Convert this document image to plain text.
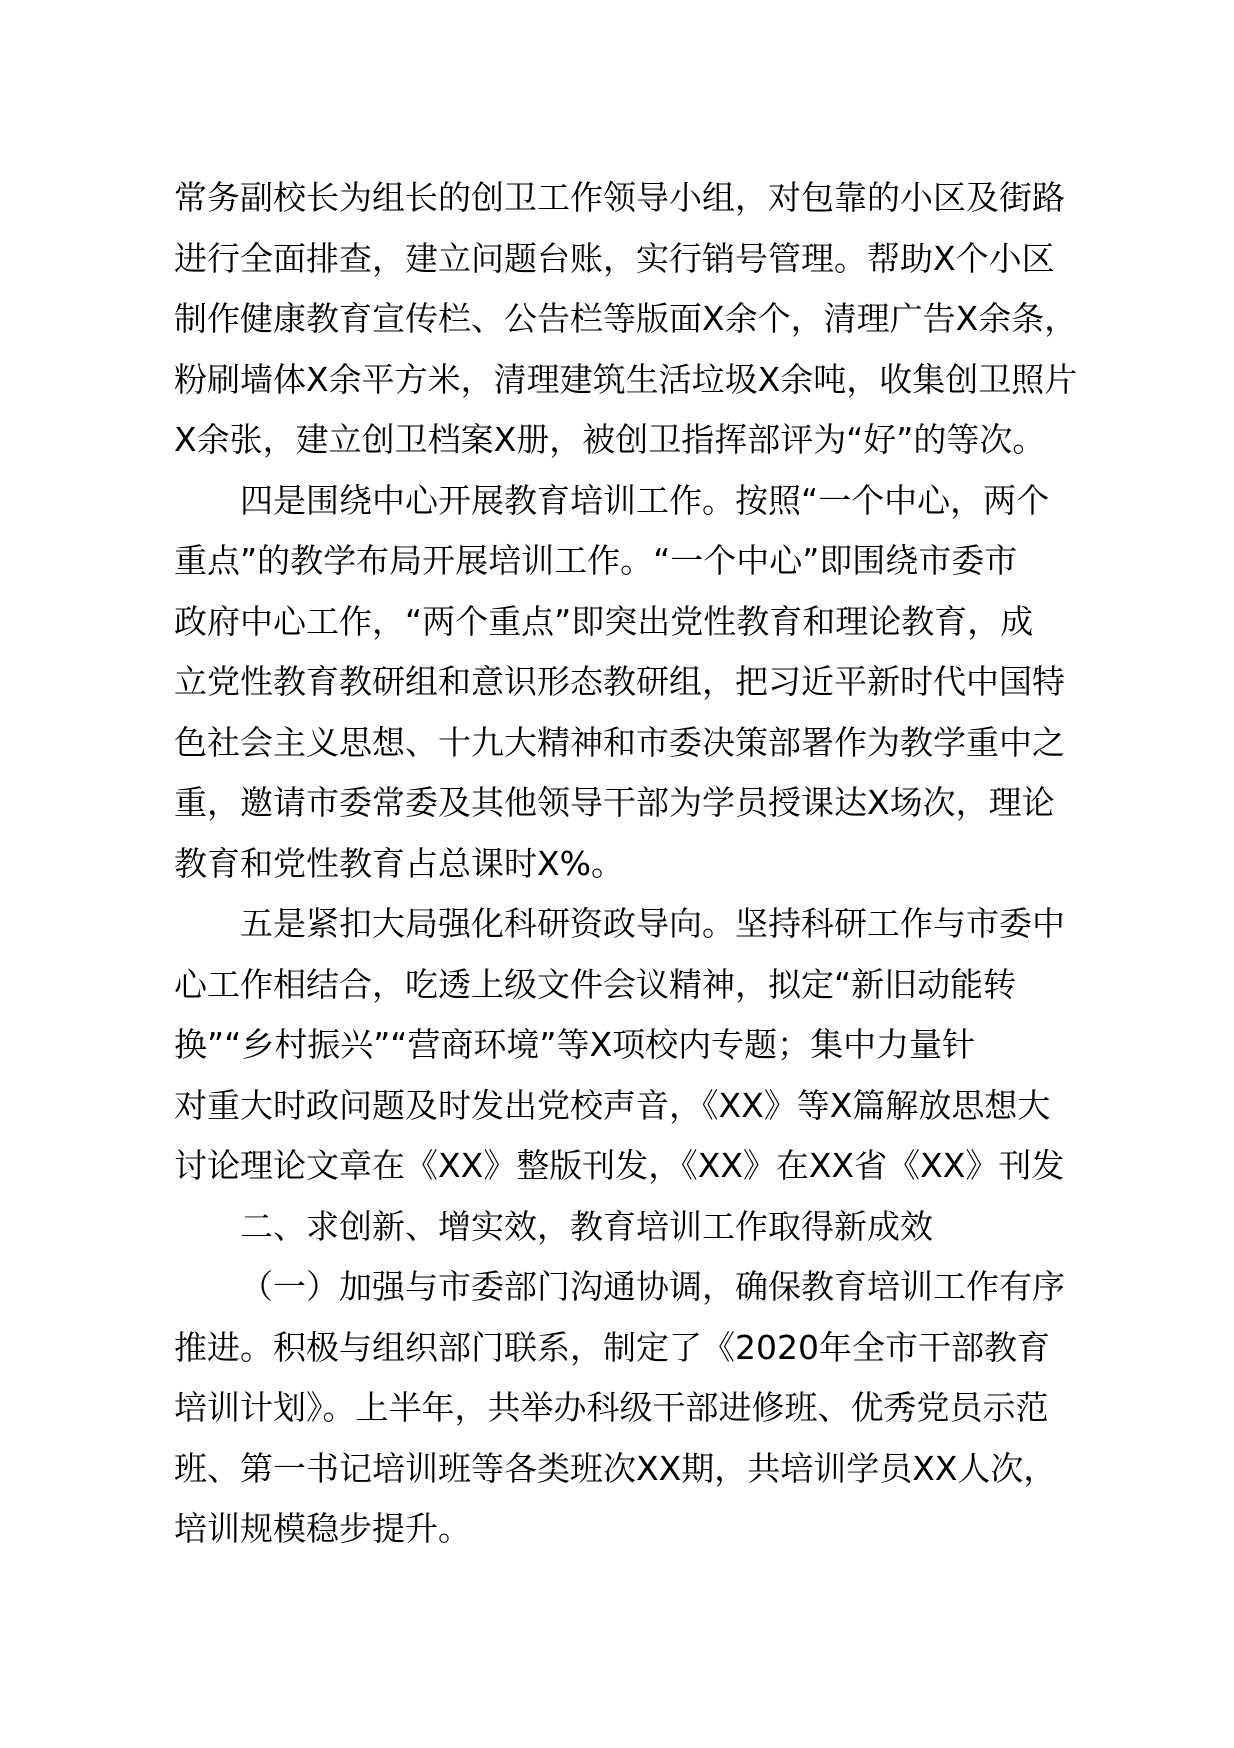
常务副校长为组长的创卫工作领导小组，对包靠的小区及街路
进行全面排查，建立问题台账，实行销号管理。帮助X个小区
制作健康教育宣传栏、公告栏等版面X余个，清理广告X余条，
粉刷墙体X余平方米，清理建筑生活垃圾X余吨，收集创卫照片
X余张，建立创卫档案X册，被创卫指挥部评为“好”的等次。
四是围绕中心开展教育培训工作。按照“一个中心，两个
重点”的教学布局开展培训工作。“一个中心”即围绕市委市
政府中心工作，“两个重点”即突出党性教育和理论教育，成
立党性教育教研组和意识形态教研组，把习近平新时代中国特
色社会主义思想、十九大精神和市委决策部署作为教学重中之
重，邀请市委常委及其他领导干部为学员授课达X场次，理论
教育和党性教育占总课时X%。
五是紧扣大局强化科研资政导向。坚持科研工作与市委中
心工作相结合，吃透上级文件会议精神，拟定“新旧动能转
换”“乡村振兴”“营商环境”等X项校内专题；集中力量针
对重大时政问题及时发出党校声音，《XX》等X篇解放思想大
讨论理论文章在《XX》整版刊发，《XX》在XX省《XX》刊发
二、求创新、增实效，教育培训工作取得新成效
（一）加强与市委部门沟通协调，确保教育培训工作有序
推进。积极与组织部门联系，制定了《2020年全市干部教育
培训计划》。上半年，共举办科级干部进修班、优秀党员示范
班、第一书记培训班等各类班次XX期，共培训学员XX人次，
培训规模稳步提升。
